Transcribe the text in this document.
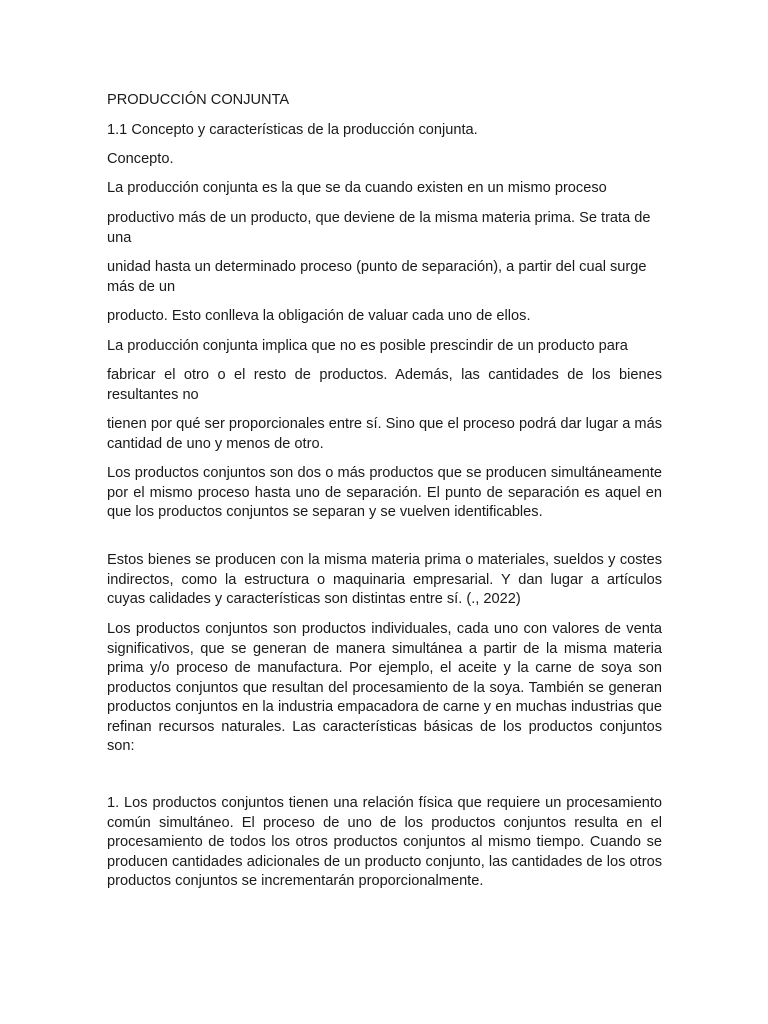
PRODUCCIÓN CONJUNTA

1.1 Concepto y características de la producción conjunta.

Concepto.

La producción conjunta es la que se da cuando existen en un mismo proceso

productivo más de un producto, que deviene de la misma materia prima. Se trata de una

unidad hasta un determinado proceso (punto de separación), a partir del cual surge más de un

producto. Esto conlleva la obligación de valuar cada uno de ellos.

La producción conjunta implica que no es posible prescindir de un producto para

fabricar el otro o el resto de productos. Además, las cantidades de los bienes resultantes no

tienen por qué ser proporcionales entre sí. Sino que el proceso podrá dar lugar a más cantidad de uno y menos de otro.

Los productos conjuntos son dos o más productos que se producen simultáneamente por el mismo proceso hasta uno de separación. El punto de separación es aquel en que los productos conjuntos se separan y se vuelven identificables.

Estos bienes se producen con la misma materia prima o materiales, sueldos y costes indirectos, como la estructura o maquinaria empresarial. Y dan lugar a artículos cuyas calidades y características son distintas entre sí. (., 2022)

Los productos conjuntos son productos individuales, cada uno con valores de venta significativos, que se generan de manera simultánea a partir de la misma materia prima y/o proceso de manufactura. Por ejemplo, el aceite y la carne de soya son productos conjuntos que resultan del procesamiento de la soya. También se generan productos conjuntos en la industria empacadora de carne y en muchas industrias que refinan recursos naturales. Las características básicas de los productos conjuntos son:

1. Los productos conjuntos tienen una relación física que requiere un procesamiento común simultáneo. El proceso de uno de los productos conjuntos resulta en el procesamiento de todos los otros productos conjuntos al mismo tiempo. Cuando se producen cantidades adicionales de un producto conjunto, las cantidades de los otros productos conjuntos se incrementarán proporcionalmente.
